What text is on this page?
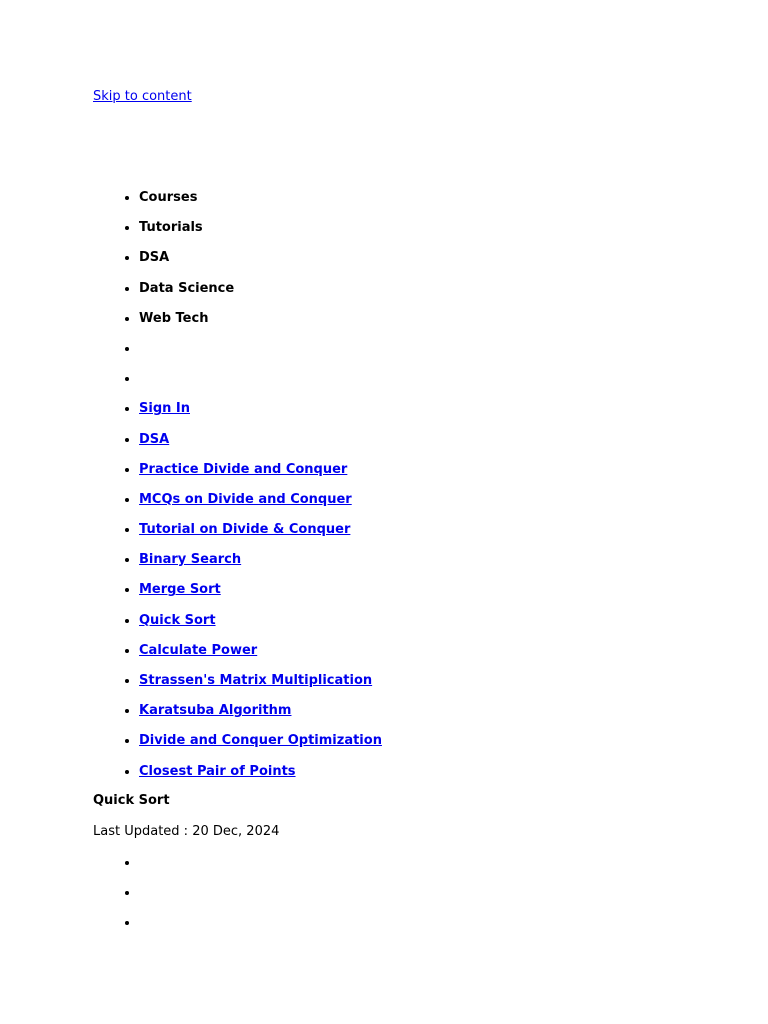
Skip to content
• Courses
• Tutorials
• DSA
• Data Science
• Web Tech
•
•
• Sign In
• DSA
• Practice Divide and Conquer
• MCQs on Divide and Conquer
• Tutorial on Divide & Conquer
• Binary Search
• Merge Sort
• Quick Sort
• Calculate Power
• Strassen's Matrix Multiplication
• Karatsuba Algorithm
• Divide and Conquer Optimization
• Closest Pair of Points
Quick Sort
Last Updated : 20 Dec, 2024
•
•
•
